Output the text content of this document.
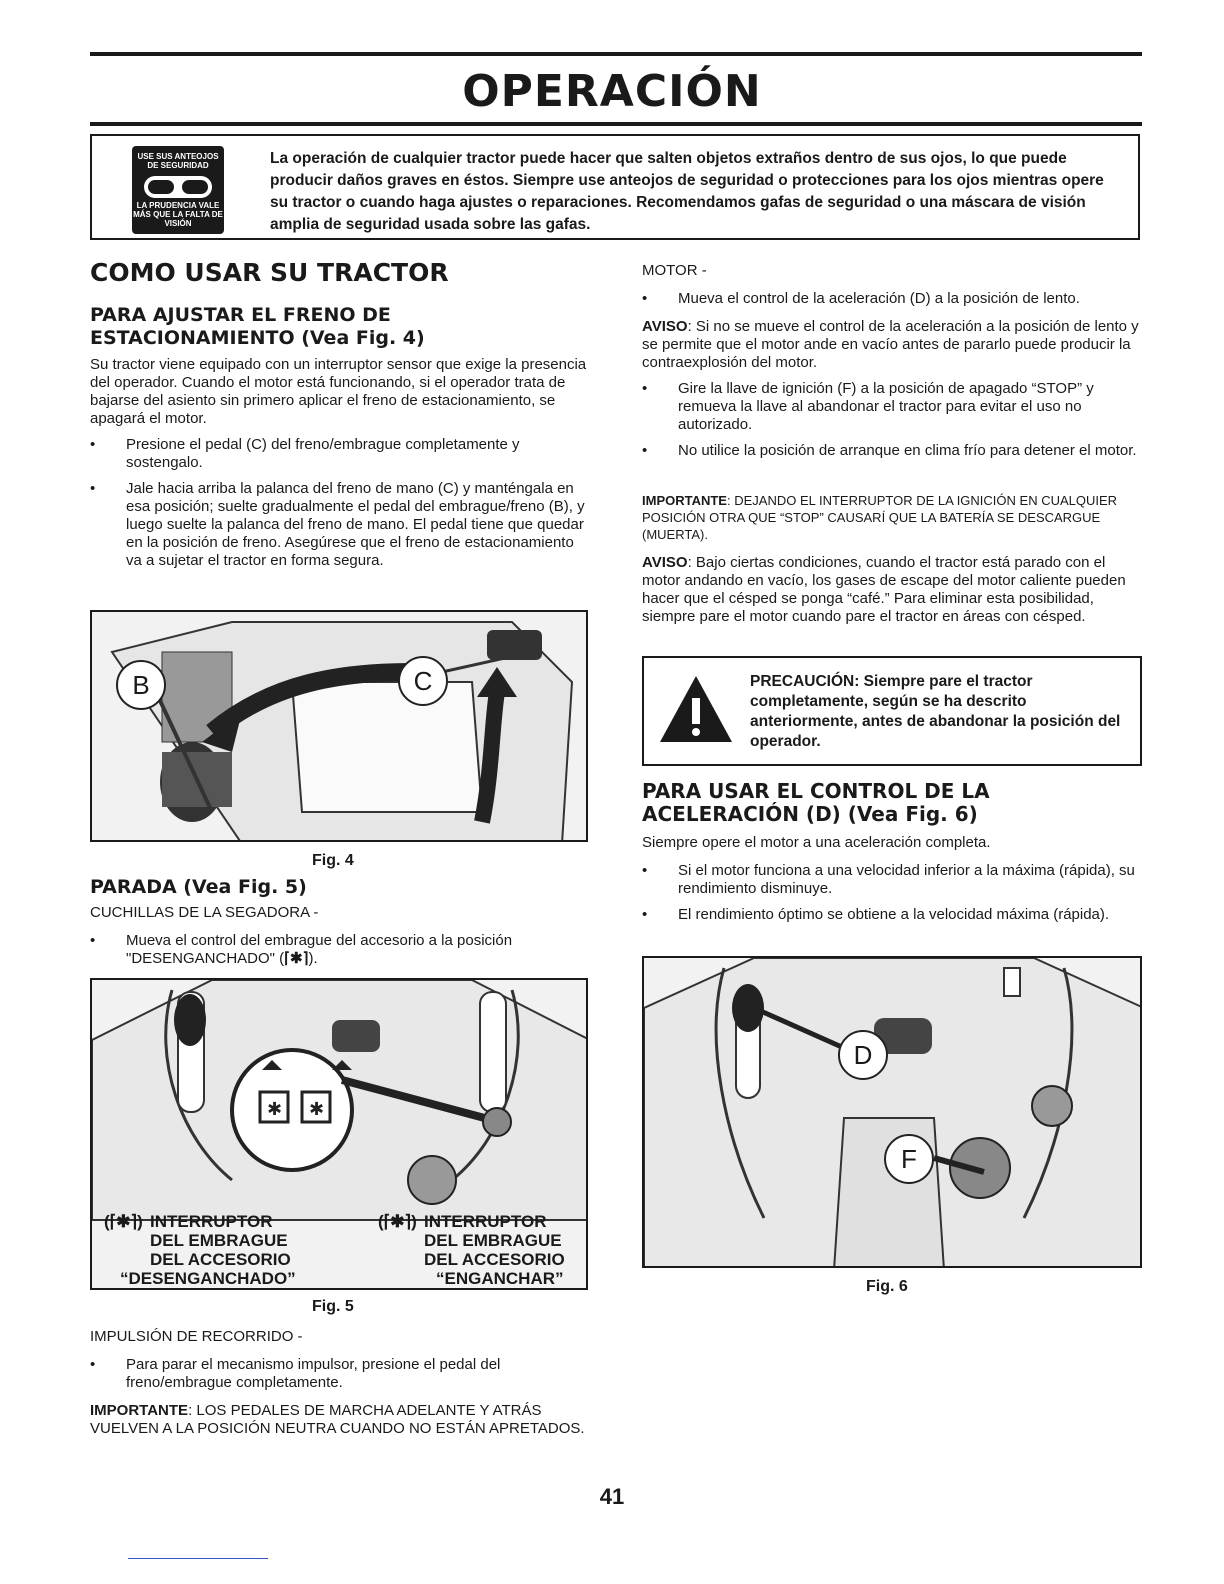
OPERACIÓN
USE SUS ANTEOJOS DE SEGURIDAD
LA PRUDENCIA VALE MÁS QUE LA FALTA DE VISIÓN
La operación de cualquier tractor puede hacer que salten objetos extraños dentro de sus ojos, lo que puede producir daños graves en éstos. Siempre use anteojos de seguridad o protecciones para los ojos mientras opere su tractor o cuando haga ajustes o reparaciones. Recomendamos gafas de seguridad o una máscara de visión amplia de seguridad usada sobre las gafas.
COMO USAR SU TRACTOR
PARA AJUSTAR EL FRENO DE ESTACIONAMIENTO (Vea Fig. 4)
Su tractor viene equipado con un interruptor sensor que exige la presencia del operador. Cuando el motor está funcionando, si el operador trata de bajarse del asiento sin primero aplicar el freno de estacionamiento, se apagará el motor.
• Presione el pedal (C) del freno/embrague completamente y sostengalo.
• Jale hacia arriba la palanca del freno de mano (C) y manténgala en esa posición; suelte gradualmente el pedal del embrague/freno (B), y luego suelte la palanca del freno de mano. El pedal tiene que quedar en la posición de freno. Asegúrese que el freno de estacionamiento va a sujetar el tractor en forma segura.
B	C
Fig. 4
PARADA (Vea Fig. 5)
CUCHILLAS DE LA SEGADORA -
• Mueva el control del embrague del accesorio a la posición "DESENGANCHADO" (⌈✱⌉).
✱ ✱
INTERRUPTOR
DEL EMBRAGUE
DEL ACCESORIO
“DESENGANCHADO”
(⌈✱⌉)	INTERRUPTOR
DEL EMBRAGUE
DEL ACCESORIO
“ENGANCHAR”
(⌈✱⌉)
Fig. 5
IMPULSIÓN DE RECORRIDO -
• Para parar el mecanismo impulsor, presione el pedal del freno/embrague completamente.
IMPORTANTE: LOS PEDALES DE MARCHA ADELANTE Y ATRÁS VUELVEN A LA POSICIÓN NEUTRA CUANDO NO ESTÁN APRETADOS.
MOTOR -
• Mueva el control de la aceleración (D) a la posición de lento.
AVISO: Si no se mueve el control de la aceleración a la posición de lento y se permite que el motor ande en vacío antes de pararlo puede producir la contraexplosión del motor.
• Gire la llave de ignición (F) a la posición de apagado “STOP” y remueva la llave al abandonar el tractor para evitar el uso no autorizado.
• No utilice la posición de arranque en clima frío para detener el motor.
IMPORTANTE: DEJANDO EL INTERRUPTOR DE LA IGNICIÓN EN CUALQUIER POSICIÓN OTRA QUE “STOP” CAUSARÍ QUE LA BATERÍA SE DESCARGUE (MUERTA).
AVISO: Bajo ciertas condiciones, cuando el tractor está parado con el motor andando en vacío, los gases de escape del motor caliente pueden hacer que el césped se ponga “café.” Para eliminar esta posibilidad, siempre pare el motor cuando pare el tractor en áreas con césped.
PRECAUCIÓN: Siempre pare el tractor completamente, según se ha descrito anteriormente, antes de abandonar la posición del operador.
PARA USAR EL CONTROL DE LA ACELERACIÓN (D) (Vea Fig. 6)
Siempre opere el motor a una aceleración completa.
• Si el motor funciona a una velocidad inferior a la máxima (rápida), su rendimiento disminuye.
• El rendimiento óptimo se obtiene a la velocidad máxima (rápida).
D
F
Fig. 6
41
